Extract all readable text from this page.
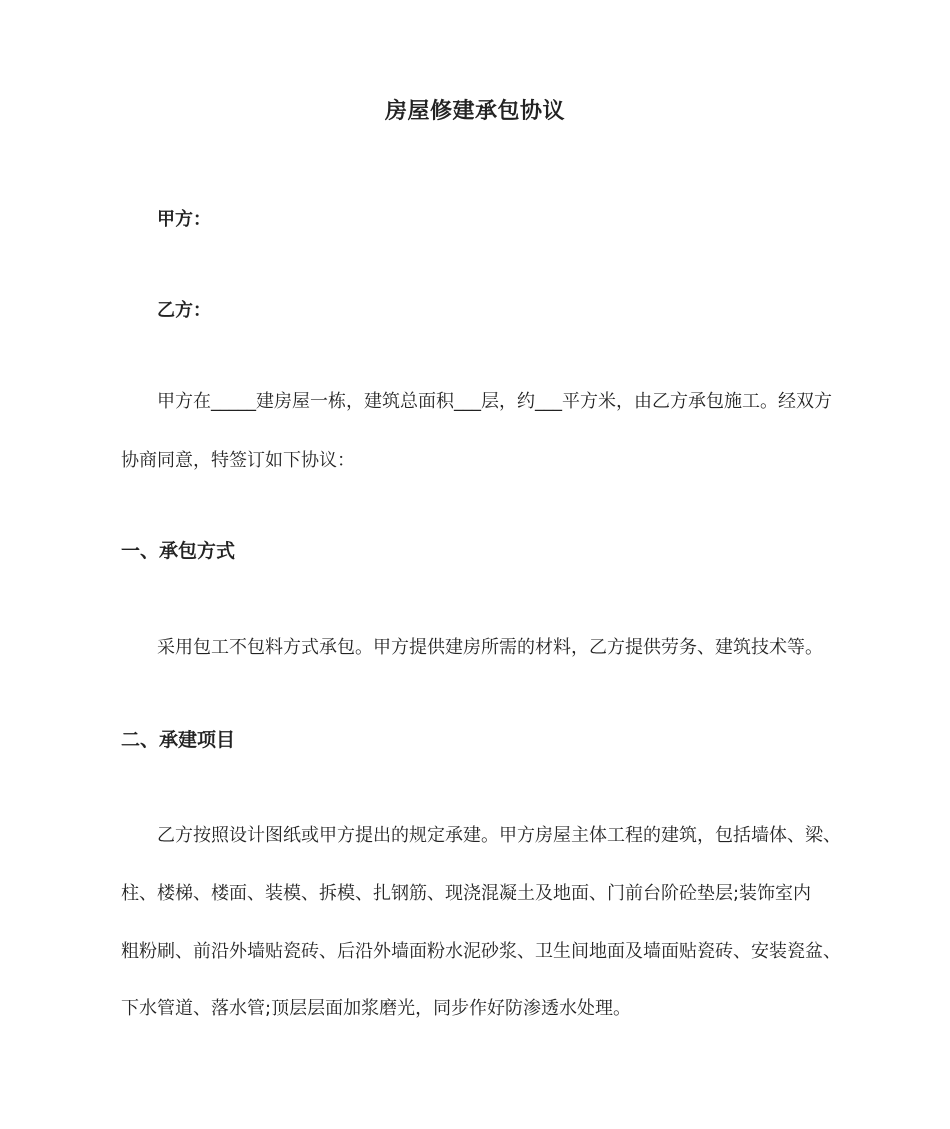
房屋修建承包协议
甲方：
乙方：
甲方在_____建房屋一栋，建筑总面积___层，约___平方米，由乙方承包施工。经双方
协商同意，特签订如下协议：
一、承包方式
采用包工不包料方式承包。甲方提供建房所需的材料，乙方提供劳务、建筑技术等。
二、承建项目
乙方按照设计图纸或甲方提出的规定承建。甲方房屋主体工程的建筑，包括墙体、梁、
柱、楼梯、楼面、装模、拆模、扎钢筋、现浇混凝土及地面、门前台阶砼垫层;装饰室内
粗粉刷、前沿外墙贴瓷砖、后沿外墙面粉水泥砂浆、卫生间地面及墙面贴瓷砖、安装瓷盆、
下水管道、落水管;顶层层面加浆磨光，同步作好防渗透水处理。
